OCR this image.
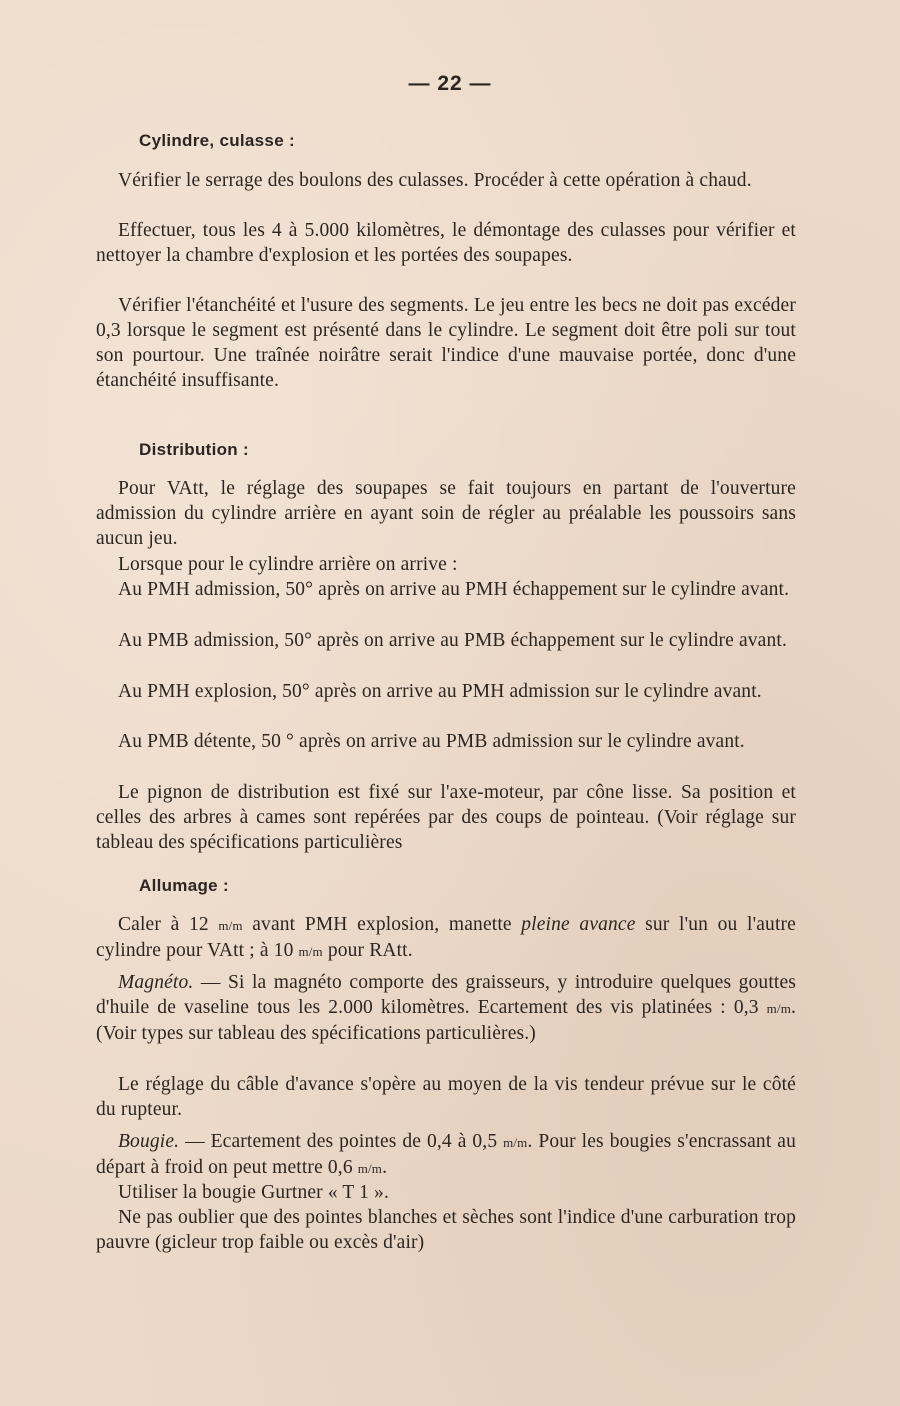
— 22 —
Cylindre, culasse :

Vérifier le serrage des boulons des culasses. Procéder à cette opération à chaud.

Effectuer, tous les 4 à 5.000 kilomètres, le démontage des culasses pour vérifier et nettoyer la chambre d'explosion et les portées des soupapes.

Vérifier l'étanchéité et l'usure des segments. Le jeu entre les becs ne doit pas excéder 0,3 lorsque le segment est présenté dans le cylindre. Le segment doit être poli sur tout son pourtour. Une traînée noirâtre serait l'indice d'une mauvaise portée, donc d'une étanchéité insuffisante.

Distribution :

Pour VAtt, le réglage des soupapes se fait toujours en partant de l'ouverture admission du cylindre arrière en ayant soin de régler au préalable les poussoirs sans aucun jeu.

Lorsque pour le cylindre arrière on arrive :

Au PMH admission, 50° après on arrive au PMH échappement sur le cylindre avant.

Au PMB admission, 50° après on arrive au PMB échappement sur le cylindre avant.

Au PMH explosion, 50° après on arrive au PMH admission sur le cylindre avant.

Au PMB détente, 50 ° après on arrive au PMB admission sur le cylindre avant.

Le pignon de distribution est fixé sur l'axe-moteur, par cône lisse. Sa position et celles des arbres à cames sont repérées par des coups de pointeau. (Voir réglage sur tableau des spécifications particulières

Allumage :

Caler à 12 m/m avant PMH explosion, manette pleine avance sur l'un ou l'autre cylindre pour VAtt ; à 10 m/m pour RAtt.

Magnéto. — Si la magnéto comporte des graisseurs, y introduire quelques gouttes d'huile de vaseline tous les 2.000 kilomètres. Ecartement des vis platinées : 0,3 m/m. (Voir types sur tableau des spécifications particulières.)

Le réglage du câble d'avance s'opère au moyen de la vis tendeur prévue sur le côté du rupteur.

Bougie. — Ecartement des pointes de 0,4 à 0,5 m/m. Pour les bougies s'encrassant au départ à froid on peut mettre 0,6 m/m.

Utiliser la bougie Gurtner « T 1 ».

Ne pas oublier que des pointes blanches et sèches sont l'indice d'une carburation trop pauvre (gicleur trop faible ou excès d'air)
